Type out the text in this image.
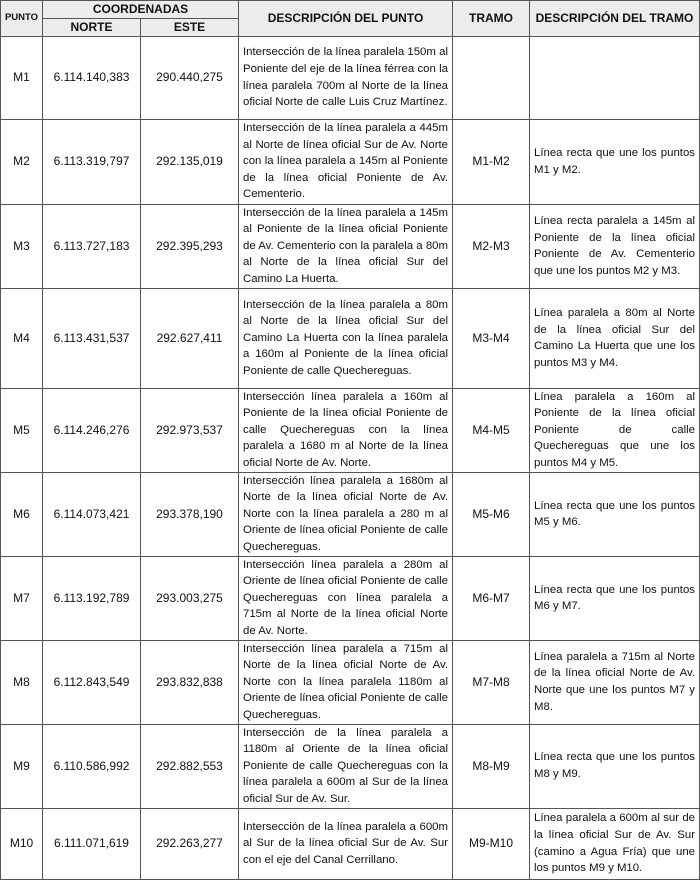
PUNTO	COORDENADAS		DESCRIPCIÓN DEL PUNTO	TRAMO	DESCRIPCIÓN DEL TRAMO
	NORTE	ESTE			
M1	6.114.140,383	290.440,275	Intersección de la línea paralela 150m al Poniente del eje de la línea férrea con la línea paralela 700m al Norte de la línea oficial Norte de calle Luis Cruz Martínez.		
M2	6.113.319,797	292.135,019	Intersección de la línea paralela a 445m al Norte de línea oficial Sur de Av. Norte con la línea paralela a 145m al Poniente de la línea oficial Poniente de Av. Cementerio.	M1-M2	Línea recta que une los puntos M1 y M2.
M3	6.113.727,183	292.395,293	Intersección de la línea paralela a 145m al Poniente de la línea oficial Poniente de Av. Cementerio con la paralela a 80m al Norte de la línea oficial Sur del Camino La Huerta.	M2-M3	Línea recta paralela a 145m al Poniente de la línea oficial Poniente de Av. Cementerio que une los puntos M2 y M3.
M4	6.113.431,537	292.627,411	Intersección de la línea paralela a 80m al Norte de la línea oficial Sur del Camino La Huerta con la línea paralela a 160m al Poniente de la línea oficial Poniente de calle Quechereguas.	M3-M4	Línea paralela a 80m al Norte de la línea oficial Sur del Camino La Huerta que une los puntos M3 y M4.
M5	6.114.246,276	292.973,537	Intersección línea paralela a 160m al Poniente de la línea oficial Poniente de calle Quechereguas con la línea paralela a 1680 m al Norte de la línea oficial Norte de Av. Norte.	M4-M5	Línea paralela a 160m al Poniente de la línea oficial Poniente de calle Quechereguas que une los puntos M4 y M5.
M6	6.114.073,421	293.378,190	Intersección línea paralela a 1680m al Norte de la línea oficial Norte de Av. Norte con la línea paralela a 280 m al Oriente de línea oficial Poniente de calle Quechereguas.	M5-M6	Línea recta que une los puntos M5 y M6.
M7	6.113.192,789	293.003,275	Intersección línea paralela a 280m al Oriente de línea oficial Poniente de calle Quechereguas con línea paralela a 715m al Norte de la línea oficial Norte de Av. Norte.	M6-M7	Línea recta que une los puntos M6 y M7.
M8	6.112.843,549	293.832,838	Intersección línea paralela a 715m al Norte de la línea oficial Norte de Av. Norte con la línea paralela 1180m al Oriente de línea oficial Poniente de calle Quechereguas.	M7-M8	Línea paralela a 715m al Norte de la línea oficial Norte de Av. Norte que une los puntos M7 y M8.
M9	6.110.586,992	292.882,553	Intersección de la línea paralela a 1180m al Oriente de la línea oficial Poniente de calle Quechereguas con la línea paralela a 600m al Sur de la línea oficial Sur de Av. Sur.	M8-M9	Línea recta que une los puntos M8 y M9.
M10	6.111.071,619	292.263,277	Intersección de la línea paralela a 600m al Sur de la línea oficial Sur de Av. Sur con el eje del Canal Cerrillano.	M9-M10	Línea paralela a 600m al sur de la línea oficial Sur de Av. Sur (camino a Agua Fría) que une los puntos M9 y M10.
